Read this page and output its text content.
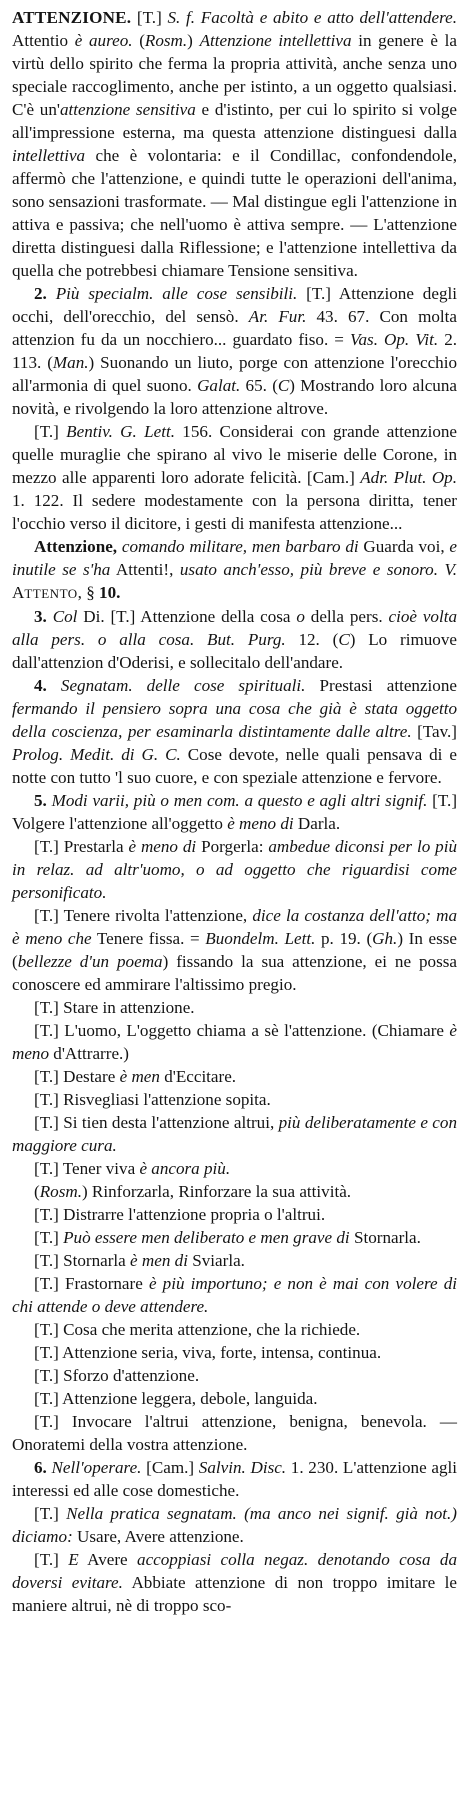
ATTENZIONE. [T.] S. f. Facoltà e abito e atto dell'attendere. Attentio è aureo. (Rosm.) Attenzione intellettiva in genere è la virtù dello spirito che ferma la propria attività, anche senza uno speciale raccoglimento, anche per istinto, a un oggetto qualsiasi. C'è un'attenzione sensitiva e d'istinto, per cui lo spirito si volge all'impressione esterna, ma questa attenzione distinguesi dalla intellettiva che è volontaria: e il Condillac, confondendole, affermò che l'attenzione, e quindi tutte le operazioni dell'anima, sono sensazioni trasformate. — Mal distingue egli l'attenzione in attiva e passiva; che nell'uomo è attiva sempre. — L'attenzione diretta distinguesi dalla Riflessione; e l'attenzione intellettiva da quella che potrebbesi chiamare Tensione sensitiva.

2. Più specialm. alle cose sensibili. [T.] Attenzione degli occhi, dell'orecchio, del sensò. Ar. Fur. 43. 67. Con molta attenzion fu da un nocchiero... guardato fiso. = Vas. Op. Vit. 2. 113. (Man.) Suonando un liuto, porge con attenzione l'orecchio all'armonia di quel suono. Galat. 65. (C) Mostrando loro alcuna novità, e rivolgendo la loro attenzione altrove.

[T.] Bentiv. G. Lett. 156. Considerai con grande attenzione quelle muraglie che spirano al vivo le miserie delle Corone, in mezzo alle apparenti loro adorate felicità. [Cam.] Adr. Plut. Op. 1. 122. Il sedere modestamente con la persona diritta, tener l'occhio verso il dicitore, i gesti di manifesta attenzione...

Attenzione, comando militare, men barbaro di Guarda voi, e inutile se s'ha Attenti!, usato anch'esso, più breve e sonoro. V. ATTENTO, § 10.

3. Col Di. [T.] Attenzione della cosa o della pers. cioè volta alla pers. o alla cosa. But. Purg. 12. (C) Lo rimuove dall'attenzion d'Oderisi, e sollecitalo dell'andare.

4. Segnatam. delle cose spirituali. Prestasi attenzione fermando il pensiero sopra una cosa che già è stata oggetto della coscienza, per esaminarla distintamente dalle altre. [Tav.] Prolog. Medit. di G. C. Cose devote, nelle quali pensava di e notte con tutto 'l suo cuore, e con speziale attenzione e fervore.

5. Modi varii, più o men com. a questo e agli altri signif. [T.] Volgere l'attenzione all'oggetto è meno di Darla.

[T.] Prestarla è meno di Porgerla: ambedue diconsi per lo più in relaz. ad altr'uomo, o ad oggetto che riguardisi come personificato.

[T.] Tenere rivolta l'attenzione, dice la costanza dell'atto; ma è meno che Tenere fissa. = Buondelm. Lett. p. 19. (Gh.) In esse (bellezze d'un poema) fissando la sua attenzione, ei ne possa conoscere ed ammirare l'altissimo pregio.

[T.] Stare in attenzione.

[T.] L'uomo, L'oggetto chiama a sè l'attenzione. (Chiamare è meno d'Attrarre.)

[T.] Destare è men d'Eccitare.

[T.] Risvegliasi l'attenzione sopita.

[T.] Si tien desta l'attenzione altrui, più deliberatamente e con maggiore cura.

[T.] Tener viva è ancora più.

(Rosm.) Rinforzarla, Rinforzare la sua attività.

[T.] Distrarre l'attenzione propria o l'altrui.

[T.] Può essere men deliberato e men grave di Stornarla.

[T.] Stornarla è men di Sviarla.

[T.] Frastornare è più importuno; e non è mai con volere di chi attende o deve attendere.

[T.] Cosa che merita attenzione, che la richiede.

[T.] Attenzione seria, viva, forte, intensa, continua.

[T.] Sforzo d'attenzione.

[T.] Attenzione leggera, debole, languida.

[T.] Invocare l'altrui attenzione, benigna, benevola. — Onoratemi della vostra attenzione.

6. Nell'operare. [Cam.] Salvin. Disc. 1. 230. L'attenzione agli interessi ed alle cose domestiche.

[T.] Nella pratica segnatam. (ma anco nei signif. già not.) diciamo: Usare, Avere attenzione.

[T.] E Avere accoppiasi colla negaz. denotando cosa da doversi evitare. Abbiate attenzione di non troppo imitare le maniere altrui, nè di troppo sco-
